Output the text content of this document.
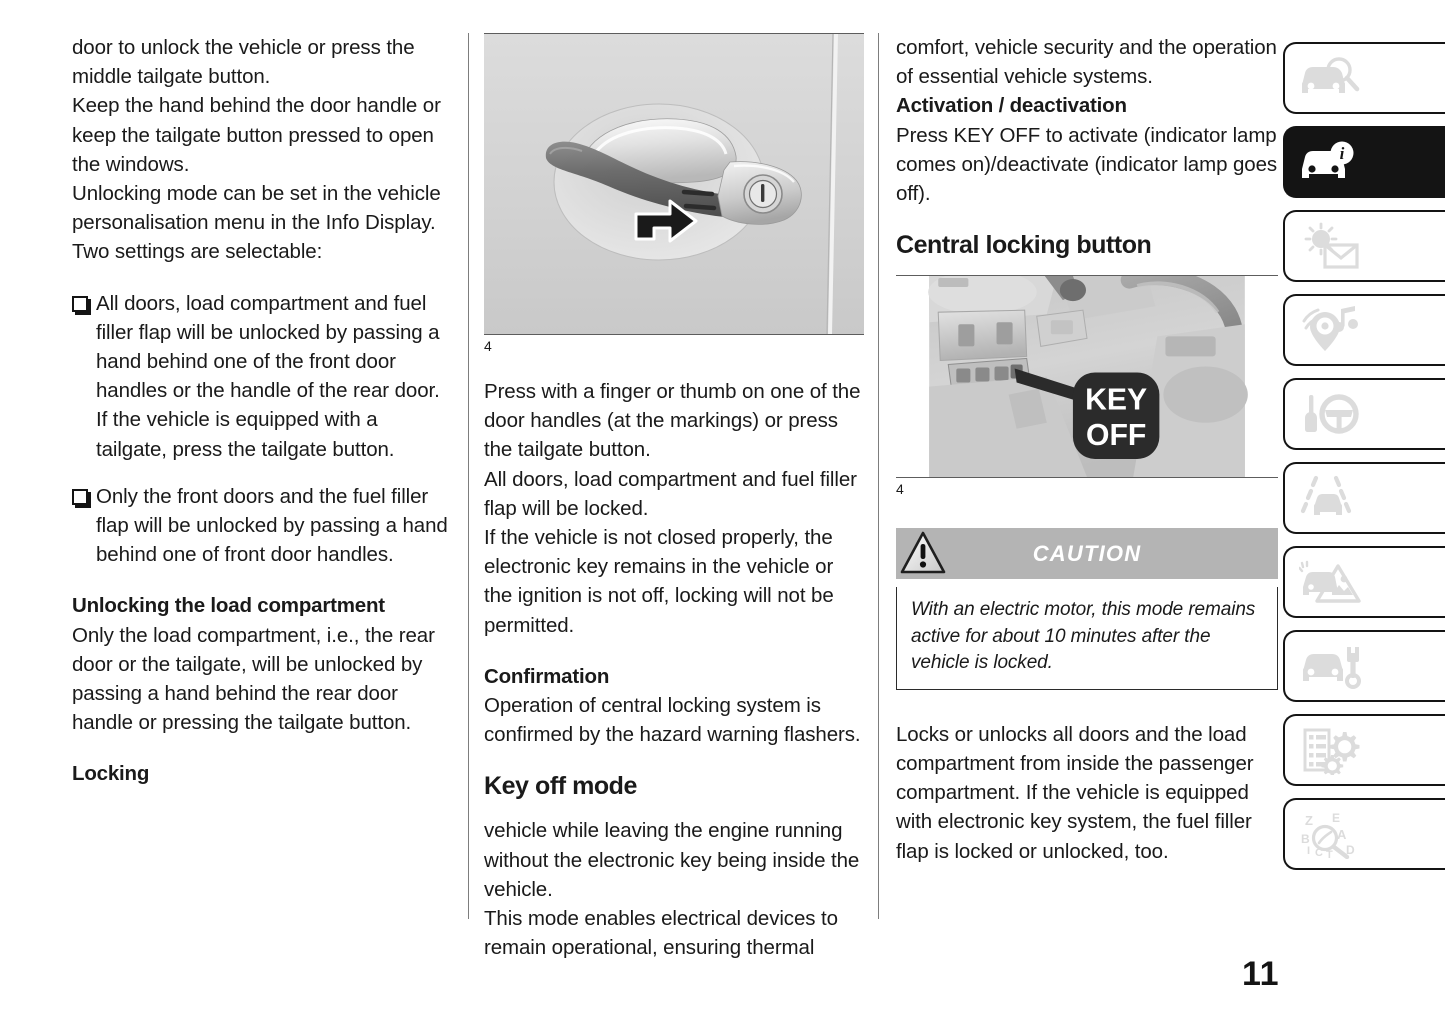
door to unlock the vehicle or press the middle tailgate button.

Keep the hand behind the door handle or keep the tailgate button pressed to open the windows.

Unlocking mode can be set in the vehicle personalisation menu in the Info Display. Two settings are selectable:

All doors, load compartment and fuel filler flap will be unlocked by passing a hand behind one of the front door handles or the handle of the rear door. If the vehicle is equipped with a tailgate, press the tailgate button.
Only the front doors and the fuel filler flap will be unlocked by passing a hand behind one of front door handles.
Unlocking the load compartment

Only the load compartment, i.e., the rear door or the tailgate, will be unlocked by passing a hand behind the rear door handle or pressing the tailgate button.

Locking
4

Press with a finger or thumb on one of the door handles (at the markings) or press the tailgate button.

All doors, load compartment and fuel filler flap will be locked.

If the vehicle is not closed properly, the electronic key remains in the vehicle or the ignition is not off, locking will not be permitted.

Confirmation

Operation of central locking system is confirmed by the hazard warning flashers.

Key off mode

vehicle while leaving the engine running without the electronic key being inside the vehicle.

This mode enables electrical devices to remain operational, ensuring thermal

comfort, vehicle security and the operation of essential vehicle systems.

Activation / deactivation

Press KEY OFF to activate (indicator lamp comes on)/deactivate (indicator lamp goes off).

Central locking button
KEY
OFF
4
CAUTION

With an electric motor, this mode remains active for about 10 minutes after the vehicle is locked.

Locks or unlocks all doors and the load compartment from inside the passenger compartment. If the vehicle is equipped with electronic key system, the fuel filler flap is locked or unlocked, too.

i
Z
B
I C T
E
A
D
11
